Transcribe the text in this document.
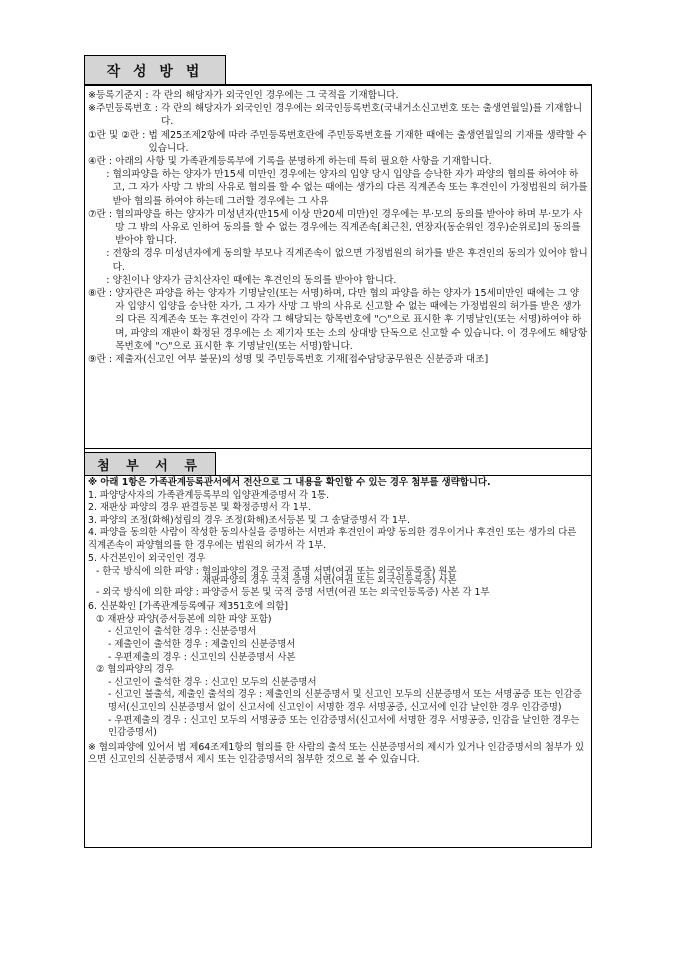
작 성 방 법
※등록기준지 : 각 란의 해당자가 외국인인 경우에는 그 국적을 기재합니다.
※주민등록번호 : 각 란의 해당자가 외국인인 경우에는 외국인등록번호(국내거소신고번호 또는 출생연월일)를 기재합니다.
①란 및 ②란 : 법 제25조제2항에 따라 주민등록번호란에 주민등록번호를 기재한 때에는 출생연월일의 기재를 생략할 수 있습니다.
④란 : 아래의 사항 및 가족관계등록부에 기록을 분명하게 하는데 특히 필요한 사항을 기재합니다.
: 협의파양을 하는 양자가 만15세 미만인 경우에는 양자의 입양 당시 입양을 승낙한 자가 파양의 협의를 하여야 하고, 그 자가 사망 그 밖의 사유로 협의를 할 수 없는 때에는 생가의 다른 직계존속 또는 후견인이 가정법원의 허가를 받아 협의를 하여야 하는데 그러할 경우에는 그 사유
⑦란 : 협의파양을 하는 양자가 미성년자(만15세 이상 만20세 미만)인 경우에는 부·모의 동의를 받아야 하며 부·모가 사망 그 밖의 사유로 인하여 동의를 할 수 없는 경우에는 직계존속[최근친, 연장자(동순위인 경우)순위로]의 동의를 받아야 합니다.
: 전항의 경우 미성년자에게 동의할 부모나 직계존속이 없으면 가정법원의 허가를 받은 후견인의 동의가 있어야 합니다.
: 양친이나 양자가 금치산자인 때에는 후견인의 동의를 받아야 합니다.
⑧란 : 양자란은 파양을 하는 양자가 기명날인(또는 서명)하며, 다만 협의 파양을 하는 양자가 15세미만인 때에는 그 양자 입양시 입양을 승낙한 자가, 그 자가 사망 그 밖의 사유로 신고할 수 없는 때에는 가정법원의 허가를 받은 생가의 다른 직계존속 또는 후견인이 각각 그 해당되는 항목번호에 "○"으로 표시한 후 기명날인(또는 서명)하여야 하며, 파양의 재판이 확정된 경우에는 소 제기자 또는 소의 상대방 단독으로 신고할 수 있습니다. 이 경우에도 해당항목번호에 "○"으로 표시한 후 기명날인(또는 서명)합니다.
⑨란 : 제출자(신고인 여부 불문)의 성명 및 주민등록번호 기재[접수담당공무원은 신분증과 대조]
첨 부 서 류
※ 아래 1항은 가족관계등록관서에서 전산으로 그 내용을 확인할 수 있는 경우 첨부를 생략합니다.
1. 파양당사자의 가족관계등록부의 입양관계증명서 각 1통.
2. 재판상 파양의 경우 판결등본 및 확정증명서 각 1부.
3. 파양의 조정(화해)성립의 경우 조정(화해)조서등본 및 그 송달증명서 각 1부.
4. 파양을 동의한 사람이 작성한 동의사실을 증명하는 서면과 후견인이 파양 동의한 경우이거나 후견인 또는 생가의 다른 직계존속이 파양협의를 한 경우에는 법원의 허가서 각 1부.
5. 사건본인이 외국인인 경우
- 한국 방식에 의한 파양 : 협의파양의 경우 국적 증명 서면(여권 또는 외국인등록증) 원본
재판파양의 경우 국적 증명 서면(여권 또는 외국인등록증) 사본
- 외국 방식에 의한 파양 : 파양증서 등본 및 국적 증명 서면(여권 또는 외국인등록증) 사본 각 1부
6. 신분확인 [가족관계등록예규 제351호에 의함]
① 재판상 파양(증서등본에 의한 파양 포함)
- 신고인이 출석한 경우 : 신분증명서
- 제출인이 출석한 경우 : 제출인의 신분증명서
- 우편제출의 경우 : 신고인의 신분증명서 사본
② 협의파양의 경우
- 신고인이 출석한 경우 : 신고인 모두의 신분증명서
- 신고인 불출석, 제출인 출석의 경우 : 제출인의 신분증명서 및 신고인 모두의 신분증명서 또는 서명공증 또는 인감증명서(신고인의 신분증명서 없이 신고서에 신고인이 서명한 경우 서명공증, 신고서에 인감 날인한 경우 인감증명)
- 우편제출의 경우 : 신고인 모두의 서명공증 또는 인감증명서(신고서에 서명한 경우 서명공증, 인감을 날인한 경우는 인감증명서)
※ 협의파양에 있어서 법 제64조제1항의 협의를 한 사람의 출석 또는 신분증명서의 제시가 있거나 인감증명서의 첨부가 있으면 신고인의 신분증명서 제시 또는 인감증명서의 첨부한 것으로 볼 수 있습니다.
